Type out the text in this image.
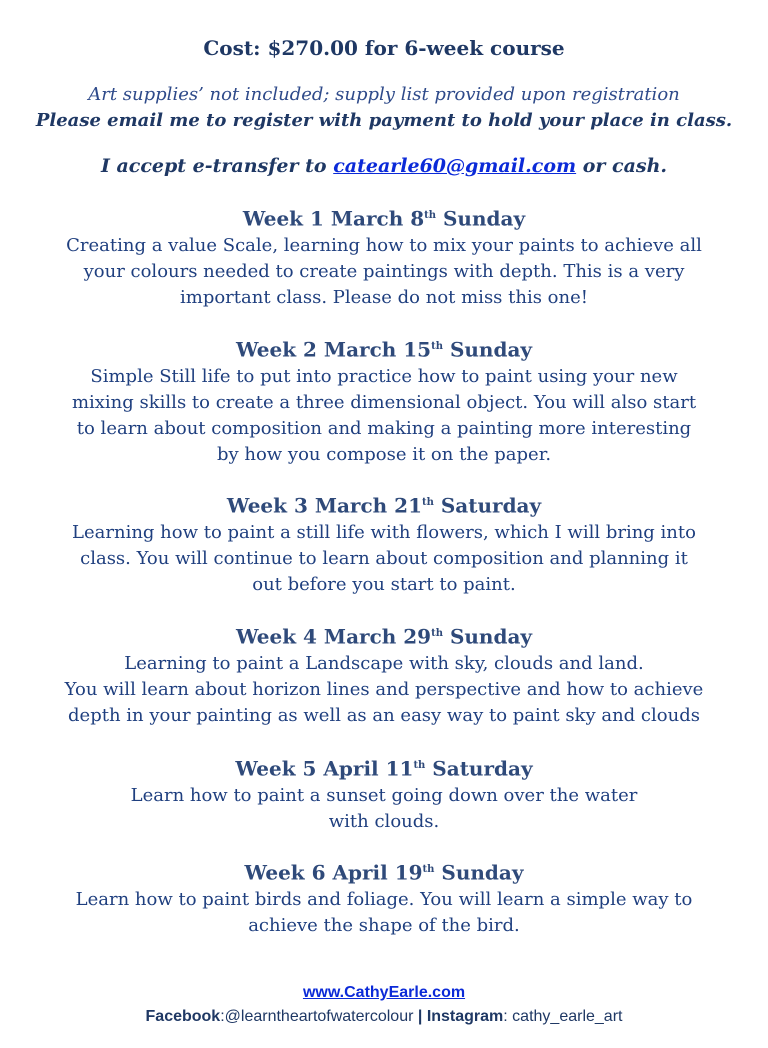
Cost: $270.00 for 6-week course
Art supplies’ not included; supply list provided upon registration
Please email me to register with payment to hold your place in class.
I accept e-transfer to catearle60@gmail.com or cash.
Week 1 March 8th Sunday

Creating a value Scale, learning how to mix your paints to achieve all

your colours needed to create paintings with depth. This is a very

important class. Please do not miss this one!

Week 2 March 15th Sunday

Simple Still life to put into practice how to paint using your new

mixing skills to create a three dimensional object. You will also start

to learn about composition and making a painting more interesting

by how you compose it on the paper.

Week 3 March 21th Saturday

Learning how to paint a still life with flowers, which I will bring into

class. You will continue to learn about composition and planning it

out before you start to paint.

Week 4 March 29th Sunday

Learning to paint a Landscape with sky, clouds and land.

You will learn about horizon lines and perspective and how to achieve

depth in your painting as well as an easy way to paint sky and clouds

Week 5 April 11th Saturday

Learn how to paint a sunset going down over the water

with clouds.

Week 6 April 19th Sunday

Learn how to paint birds and foliage. You will learn a simple way to

achieve the shape of the bird.

www.CathyEarle.com
Facebook:@learntheartofwatercolour | Instagram: cathy_earle_art
